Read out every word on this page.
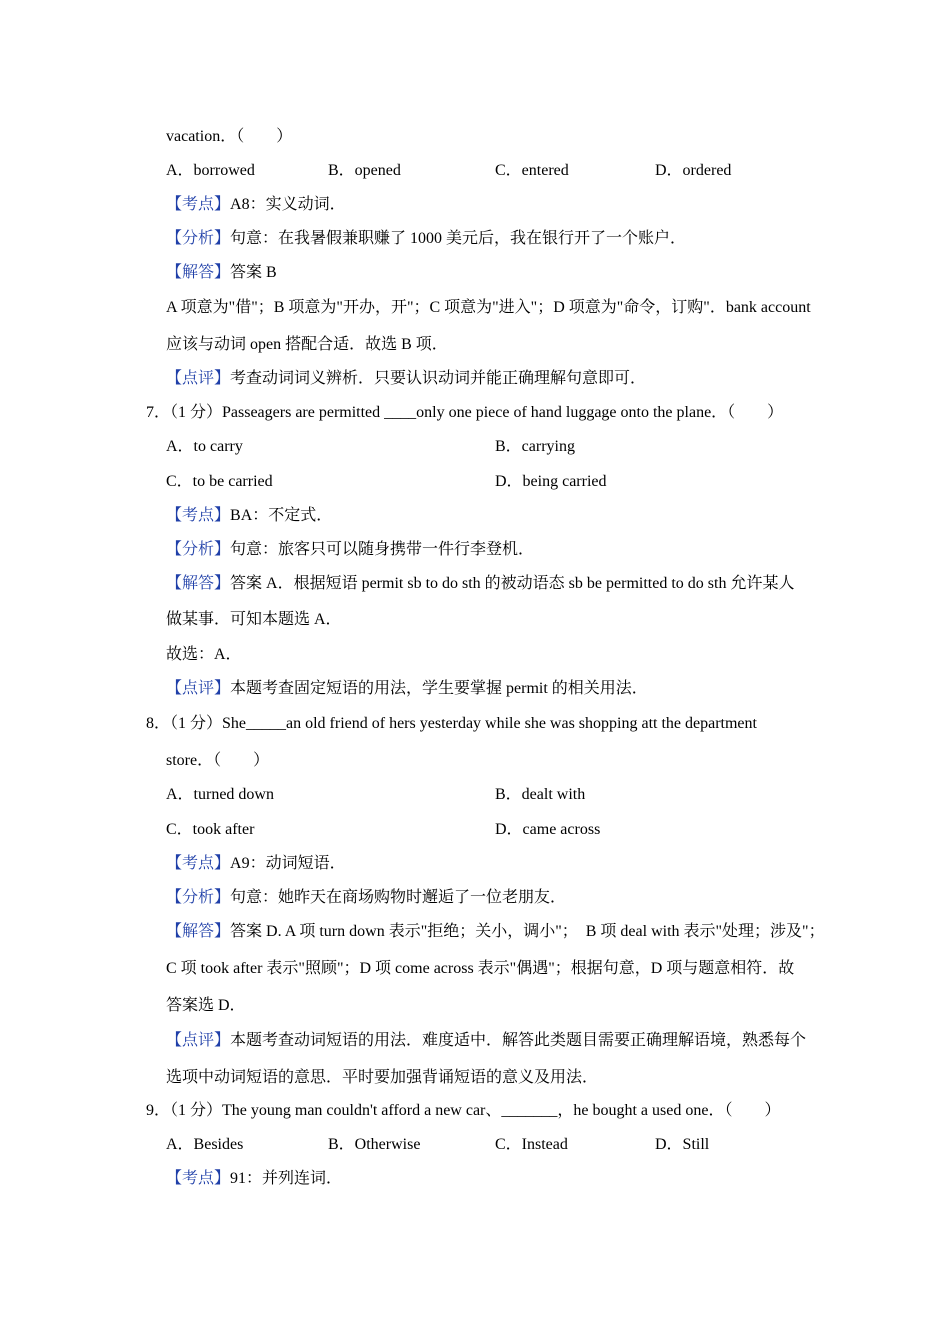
vacation．（　　）
A．borrowed	B．opened	C．entered	D．ordered
【考点】A8：实义动词．
【分析】句意：在我暑假兼职赚了 1000 美元后，我在银行开了一个账户．
【解答】答案 B
A 项意为"借"；B 项意为"开办，开"；C 项意为"进入"；D 项意为"命令，订购"．bank account
应该与动词 open 搭配合适．故选 B 项．
【点评】考查动词词义辨析．只要认识动词并能正确理解句意即可．
7．（1 分）Passeagers are permitted ____only one piece of hand luggage onto the plane．（　　）
A．to carry	B．carrying
C．to be carried	D．being carried
【考点】BA：不定式．
【分析】句意：旅客只可以随身携带一件行李登机．
【解答】答案 A．根据短语 permit sb to do sth 的被动语态 sb be permitted to do sth 允许某人
做某事．可知本题选 A．
故选：A．
【点评】本题考查固定短语的用法，学生要掌握 permit 的相关用法．
8．（1 分）She_____an old friend of hers yesterday while she was shopping att the department
store．（　　）
A．turned down	B．dealt with
C．took after	D．came across
【考点】A9：动词短语．
【分析】句意：她昨天在商场购物时邂逅了一位老朋友．
【解答】答案 D. A 项 turn down 表示"拒绝；关小，调小"；  B 项 deal with 表示"处理；涉及"；
C 项 took after 表示"照顾"；D 项 come across 表示"偶遇"；根据句意，D 项与题意相符．故
答案选 D．
【点评】本题考查动词短语的用法．难度适中．解答此类题目需要正确理解语境，熟悉每个
选项中动词短语的意思．平时要加强背诵短语的意义及用法．
9．（1 分）The young man couldn't afford a new car、_______，he bought a used one．（　　）
A．Besides	B．Otherwise	C．Instead	D．Still
【考点】91：并列连词．
